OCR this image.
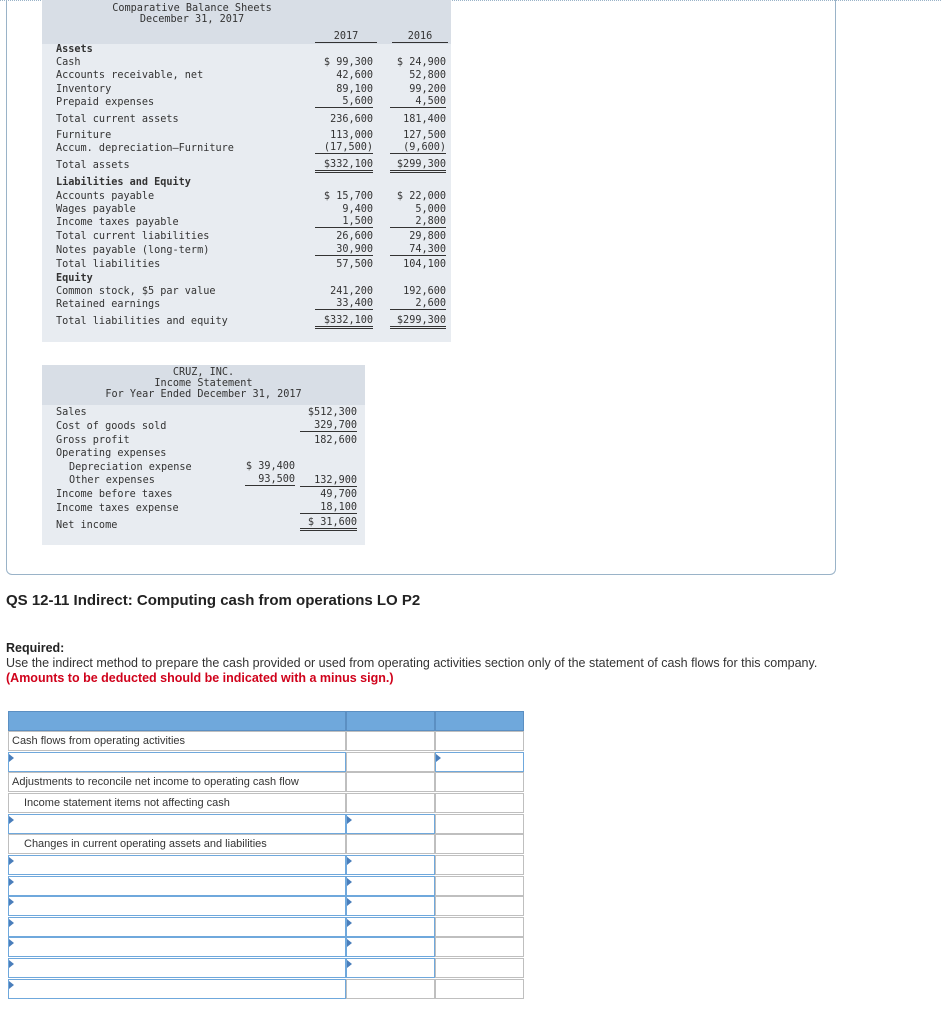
Comparative Balance Sheets
December 31, 2017
2017	2016
Assets
Liabilities and Equity
Equity
Cash	$ 99,300	$ 24,900
Accounts receivable, net	42,600	52,800
Inventory	89,100	99,200
Prepaid expenses	5,600	4,500
Total current assets	236,600	181,400
Furniture	113,000	127,500
Accum. depreciation—Furniture	(17,500)	(9,600)
Total assets	$332,100	$299,300
Accounts payable	$ 15,700	$ 22,000
Wages payable	9,400	5,000
Income taxes payable	1,500	2,800
Total current liabilities	26,600	29,800
Notes payable (long-term)	30,900	74,300
Total liabilities	57,500	104,100
Common stock, $5 par value	241,200	192,600
Retained earnings	33,400	2,600
Total liabilities and equity	$332,100	$299,300
CRUZ, INC.
Income Statement
For Year Ended December 31, 2017
Sales	$512,300
Cost of goods sold	329,700
Gross profit	182,600
Operating expenses
Depreciation expense	$ 39,400
Other expenses	93,500	132,900
Income before taxes	49,700
Income taxes expense	18,100
Net income	$ 31,600
QS 12-11 Indirect: Computing cash from operations LO P2
Required:
Use the indirect method to prepare the cash provided or used from operating activities section only of the statement of cash flows for this company. (Amounts to be deducted should be indicated with a minus sign.)
Cash flows from operating activities
Adjustments to reconcile net income to operating cash flow
Income statement items not affecting cash
Changes in current operating assets and liabilities
